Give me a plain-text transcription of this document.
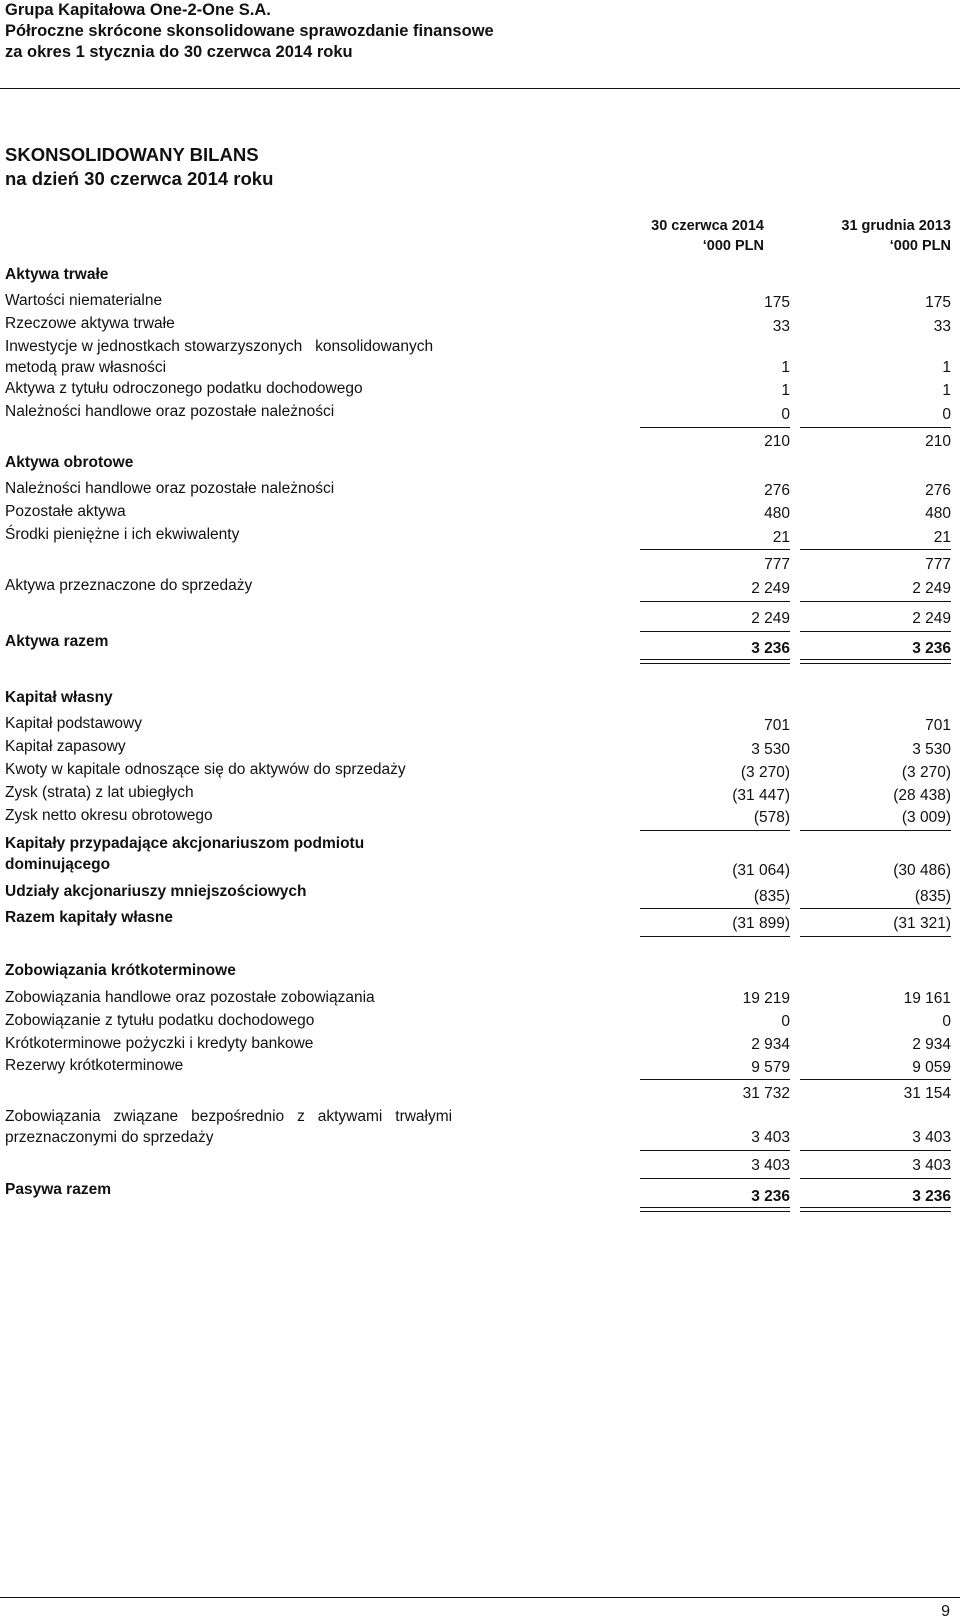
Grupa Kapitałowa One-2-One S.A.
Półroczne skrócone skonsolidowane sprawozdanie finansowe
za okres 1 stycznia do 30 czerwca 2014 roku
SKONSOLIDOWANY BILANS
na dzień 30 czerwca 2014 roku
30 czerwca 2014
‘000 PLN
31 grudnia 2013
‘000 PLN
Aktywa trwałe
Wartości niematerialne	175	175
Rzeczowe aktywa trwałe	33	33
Inwestycje w jednostkach stowarzyszonych   konsolidowanych
metodą praw własności	1	1
Aktywa z tytułu odroczonego podatku dochodowego	1	1
Należności handlowe oraz pozostałe należności	0	0
210	210
Aktywa obrotowe
Należności handlowe oraz pozostałe należności	276	276
Pozostałe aktywa	480	480
Środki pieniężne i ich ekwiwalenty	21	21
777	777
Aktywa przeznaczone do sprzedaży	2 249	2 249
2 249	2 249
Aktywa razem	3 236	3 236
Kapitał własny
Kapitał podstawowy	701	701
Kapitał zapasowy	3 530	3 530
Kwoty w kapitale odnoszące się do aktywów do sprzedaży	(3 270)	(3 270)
Zysk (strata) z lat ubiegłych	(31 447)	(28 438)
Zysk netto okresu obrotowego	(578)	(3 009)
Kapitały przypadające akcjonariuszom podmiotu
dominującego	(31 064)	(30 486)
Udziały akcjonariuszy mniejszościowych	(835)	(835)
Razem kapitały własne	(31 899)	(31 321)
Zobowiązania krótkoterminowe
Zobowiązania handlowe oraz pozostałe zobowiązania	19 219	19 161
Zobowiązanie z tytułu podatku dochodowego	0	0
Krótkoterminowe pożyczki i kredyty bankowe	2 934	2 934
Rezerwy krótkoterminowe	9 579	9 059
31 732	31 154
Zobowiązania   związane   bezpośrednio   z   aktywami   trwałymi
przeznaczonymi do sprzedaży	3 403	3 403
3 403	3 403
Pasywa razem	3 236	3 236
9
